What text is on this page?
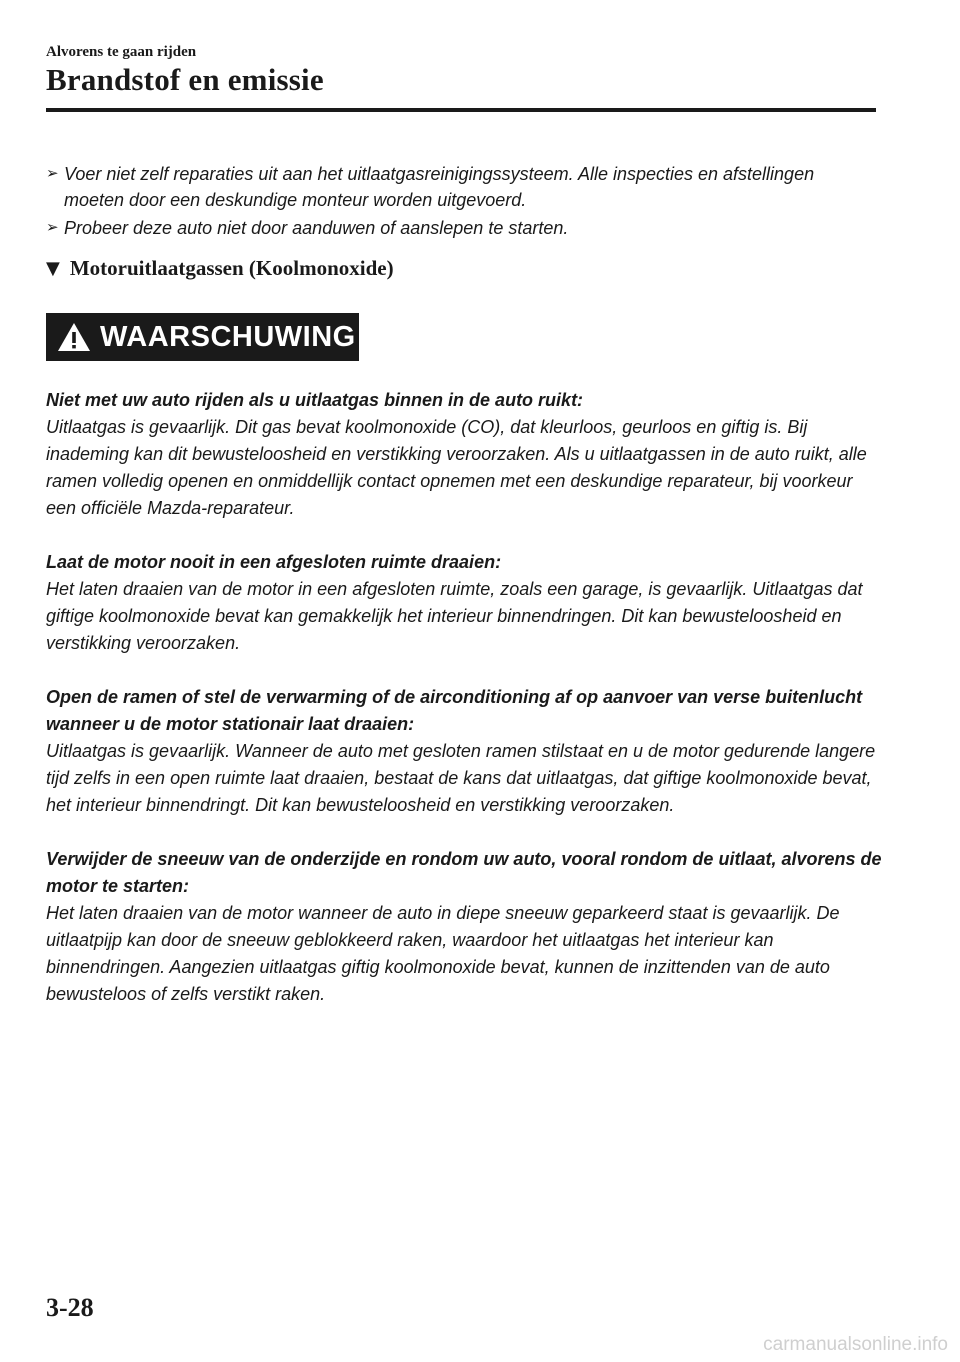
Alvorens te gaan rijden
Brandstof en emissie
➢ Voer niet zelf reparaties uit aan het uitlaatgasreinigingssysteem. Alle inspecties en afstellingen moeten door een deskundige monteur worden uitgevoerd.
➢ Probeer deze auto niet door aanduwen of aanslepen te starten.
▼ Motoruitlaatgassen (Koolmonoxide)
WAARSCHUWING
Niet met uw auto rijden als u uitlaatgas binnen in de auto ruikt:
Uitlaatgas is gevaarlijk. Dit gas bevat koolmonoxide (CO), dat kleurloos, geurloos en giftig is. Bij inademing kan dit bewusteloosheid en verstikking veroorzaken. Als u uitlaatgassen in de auto ruikt, alle ramen volledig openen en onmiddellijk contact opnemen met een deskundige reparateur, bij voorkeur een officiële Mazda-reparateur.
Laat de motor nooit in een afgesloten ruimte draaien:
Het laten draaien van de motor in een afgesloten ruimte, zoals een garage, is gevaarlijk. Uitlaatgas dat giftige koolmonoxide bevat kan gemakkelijk het interieur binnendringen. Dit kan bewusteloosheid en verstikking veroorzaken.
Open de ramen of stel de verwarming of de airconditioning af op aanvoer van verse buitenlucht wanneer u de motor stationair laat draaien:
Uitlaatgas is gevaarlijk. Wanneer de auto met gesloten ramen stilstaat en u de motor gedurende langere tijd zelfs in een open ruimte laat draaien, bestaat de kans dat uitlaatgas, dat giftige koolmonoxide bevat, het interieur binnendringt. Dit kan bewusteloosheid en verstikking veroorzaken.
Verwijder de sneeuw van de onderzijde en rondom uw auto, vooral rondom de uitlaat, alvorens de motor te starten:
Het laten draaien van de motor wanneer de auto in diepe sneeuw geparkeerd staat is gevaarlijk. De uitlaatpijp kan door de sneeuw geblokkeerd raken, waardoor het uitlaatgas het interieur kan binnendringen. Aangezien uitlaatgas giftig koolmonoxide bevat, kunnen de inzittenden van de auto bewusteloos of zelfs verstikt raken.
3-28
carmanualsonline.info
